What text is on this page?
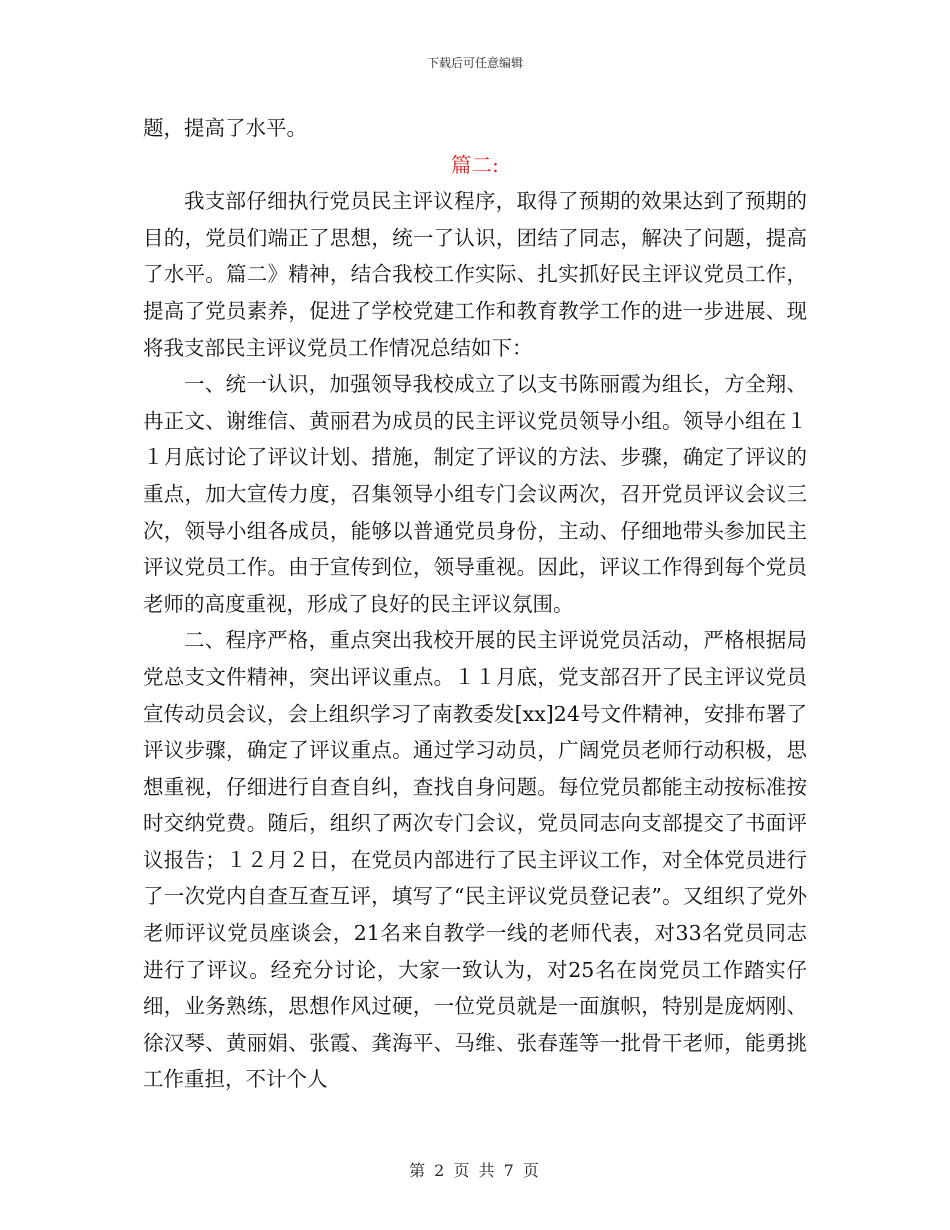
下载后可任意编辑

题，提高了水平。

篇二:

我支部仔细执行党员民主评议程序，取得了预期的效果达到了预期的目的，党员们端正了思想，统一了认识，团结了同志，解决了问题，提高了水平。篇二》精神，结合我校工作实际、扎实抓好民主评议党员工作，提高了党员素养，促进了学校党建工作和教育教学工作的进一步进展、现将我支部民主评议党员工作情况总结如下：

一、统一认识，加强领导我校成立了以支书陈丽霞为组长，方全翔、冉正文、谢维信、黄丽君为成员的民主评议党员领导小组。领导小组在１１月底讨论了评议计划、措施，制定了评议的方法、步骤，确定了评议的重点，加大宣传力度，召集领导小组专门会议两次，召开党员评议会议三次，领导小组各成员，能够以普通党员身份，主动、仔细地带头参加民主评议党员工作。由于宣传到位，领导重视。因此，评议工作得到每个党员老师的高度重视，形成了良好的民主评议氛围。

二、程序严格，重点突出我校开展的民主评说党员活动，严格根据局党总支文件精神，突出评议重点。１１月底，党支部召开了民主评议党员宣传动员会议，会上组织学习了南教委发[xx]24号文件精神，安排布署了评议步骤，确定了评议重点。通过学习动员，广阔党员老师行动积极，思想重视，仔细进行自查自纠，查找自身问题。每位党员都能主动按标准按时交纳党费。随后，组织了两次专门会议，党员同志向支部提交了书面评议报告；１２月２日，在党员内部进行了民主评议工作，对全体党员进行了一次党内自查互查互评，填写了“民主评议党员登记表”。又组织了党外老师评议党员座谈会，21名来自教学一线的老师代表，对33名党员同志进行了评议。经充分讨论，大家一致认为，对25名在岗党员工作踏实仔细，业务熟练，思想作风过硬，一位党员就是一面旗帜，特别是庞炳刚、徐汉琴、黄丽娟、张霞、龚海平、马维、张春莲等一批骨干老师，能勇挑工作重担，不计个人

第 2 页 共 7 页
